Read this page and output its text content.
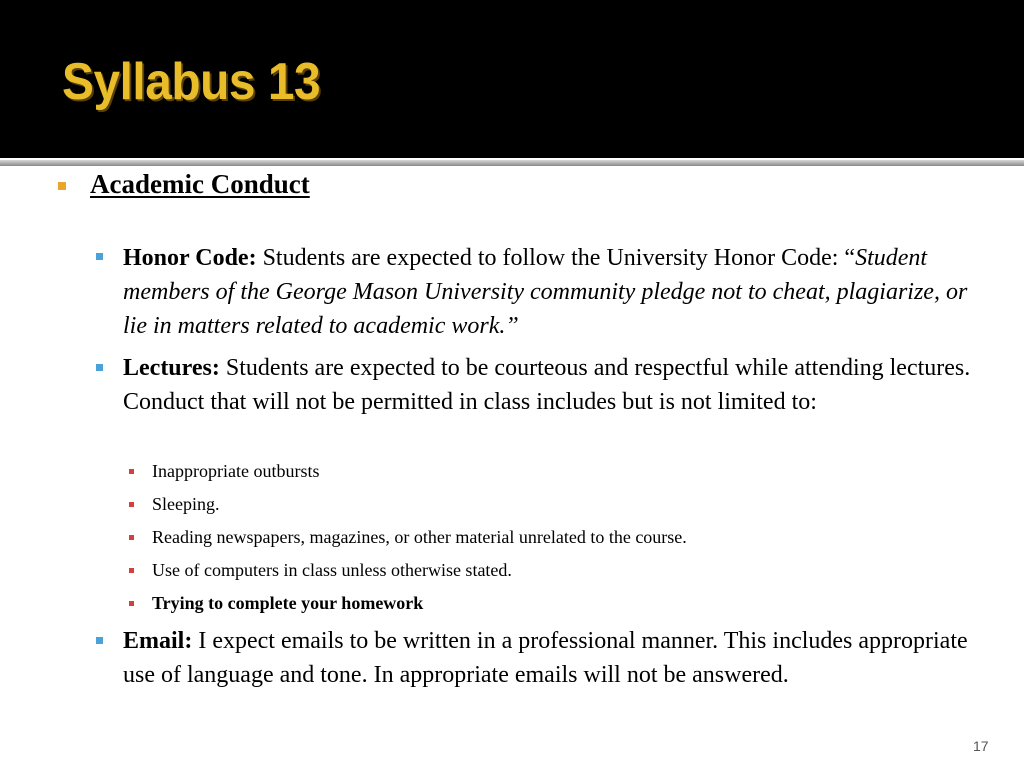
Syllabus 13
Academic Conduct
Honor Code: Students are expected to follow the University Honor Code: “Student members of the George Mason University community pledge not to cheat, plagiarize, or lie in matters related to academic work.”
Lectures: Students are expected to be courteous and respectful while attending lectures. Conduct that will not be permitted in class includes but is not limited to:
Inappropriate outbursts
Sleeping.
Reading newspapers, magazines, or other material unrelated to the course.
Use of computers in class unless otherwise stated.
Trying to complete your homework
Email: I expect emails to be written in a professional manner. This includes appropriate use of language and tone. In appropriate emails will not be answered.
17
